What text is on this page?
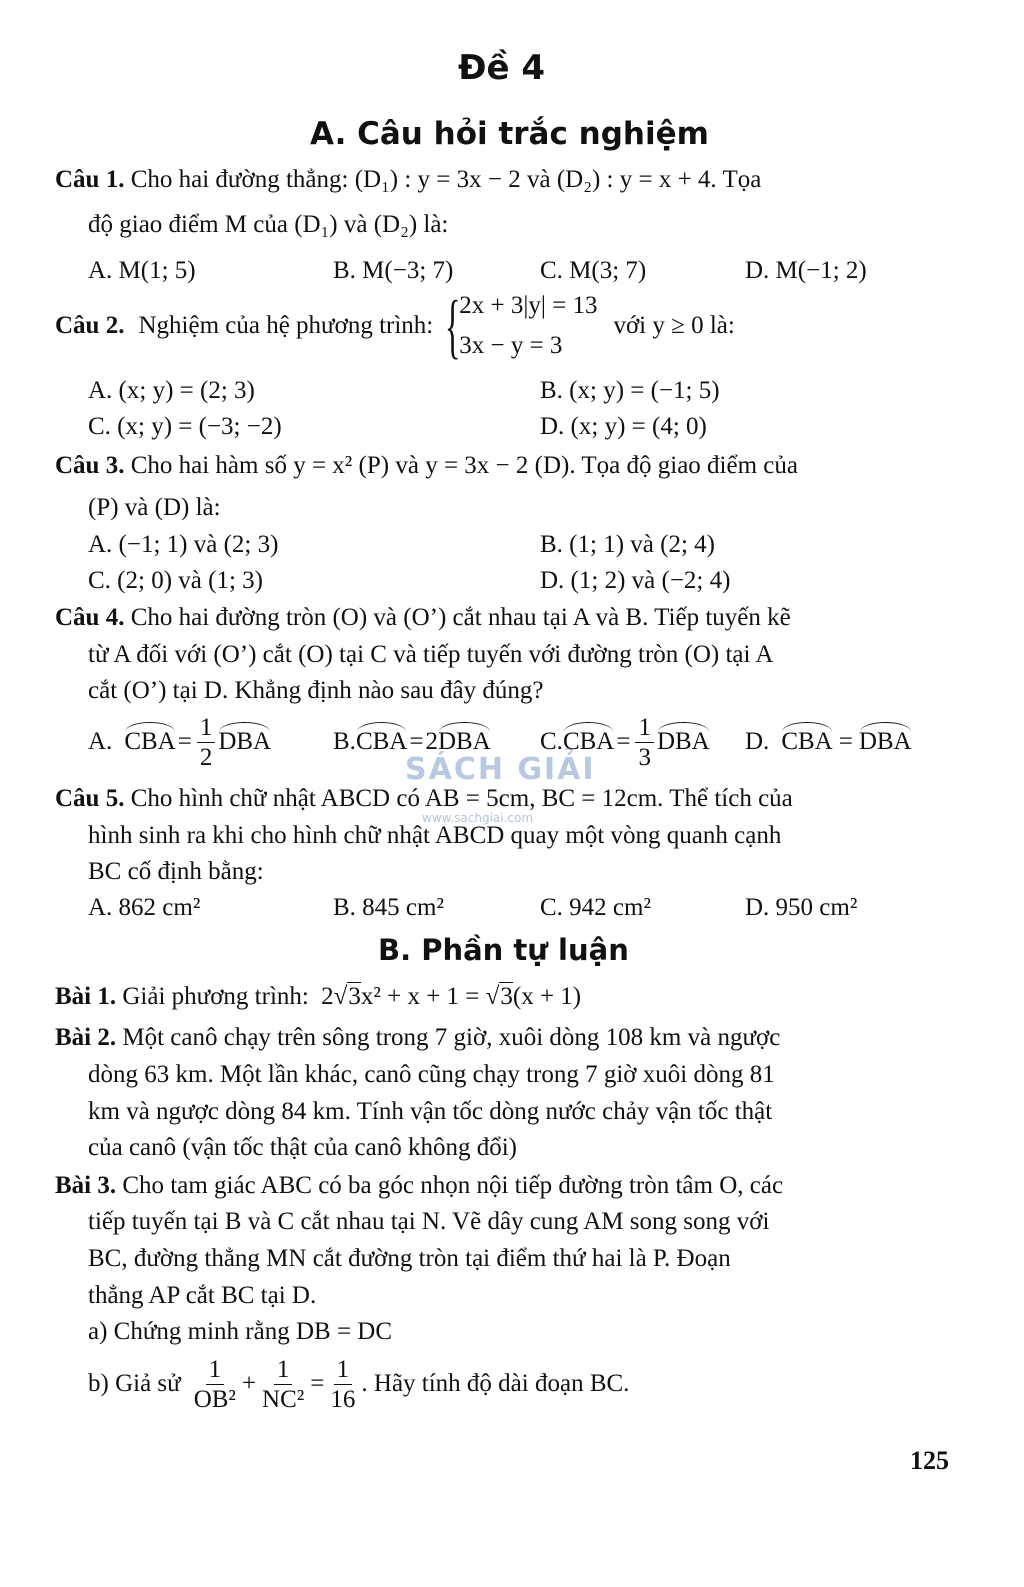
SÁCH GIẢI
www.sachgiai.com
Đề 4
A. Câu hỏi trắc nghiệm
Câu 1. Cho hai đường thẳng: (D₁) : y = 3x − 2 và (D₂) : y = x + 4. Tọa
độ giao điểm M của (D₁) và (D₂) là:
A. M(1; 5)	B. M(−3; 7)	C. M(3; 7)	D. M(−1; 2)
Câu 2. Nghiệm của hệ phương trình: {
2x + 3|y| = 13
3x − y = 3
với y ≥ 0 là:
A. (x; y) = (2; 3)	B. (x; y) = (−1; 5)
C. (x; y) = (−3; −2)	D. (x; y) = (4; 0)
Câu 3. Cho hai hàm số y = x² (P) và y = 3x − 2 (D). Tọa độ giao điểm của
(P) và (D) là:
A. (−1; 1) và (2; 3)	B. (1; 1) và (2; 4)
C. (2; 0) và (1; 3)	D. (1; 2) và (−2; 4)
Câu 4. Cho hai đường tròn (O) và (O’) cắt nhau tại A và B. Tiếp tuyến kẽ
từ A đối với (O’) cắt (O) tại C và tiếp tuyến với đường tròn (O) tại A
cắt (O’) tại D. Khẳng định nào sau đây đúng?
A. CBA = $\frac{1}{2}$ DBA B. CBA = 2 DBA C. CBA = $\frac{1}{3}$ DBA D. CBA = DBA
Câu 5. Cho hình chữ nhật ABCD có AB = 5cm, BC = 12cm. Thể tích của
hình sinh ra khi cho hình chữ nhật ABCD quay một vòng quanh cạnh
BC cố định bằng:
A. 862 cm²	B. 845 cm²	C. 942 cm²	D. 950 cm²
B. Phần tự luận
Bài 1. Giải phương trình: 2√3x² + x + 1 = √3(x + 1)
Bài 2. Một canô chạy trên sông trong 7 giờ, xuôi dòng 108 km và ngược
dòng 63 km. Một lần khác, canô cũng chạy trong 7 giờ xuôi dòng 81
km và ngược dòng 84 km. Tính vận tốc dòng nước chảy vận tốc thật
của canô (vận tốc thật của canô không đổi)
Bài 3. Cho tam giác ABC có ba góc nhọn nội tiếp đường tròn tâm O, các
tiếp tuyến tại B và C cắt nhau tại N. Vẽ dây cung AM song song với
BC, đường thẳng MN cắt đường tròn tại điểm thứ hai là P. Đoạn
thẳng AP cắt BC tại D.
a) Chứng minh rằng DB = DC
b) Giả sử $\frac{1}{\text{OB²}} + \frac{1}{\text{NC²}} = \frac{1}{16}$ . Hãy tính độ dài đoạn BC.
125
